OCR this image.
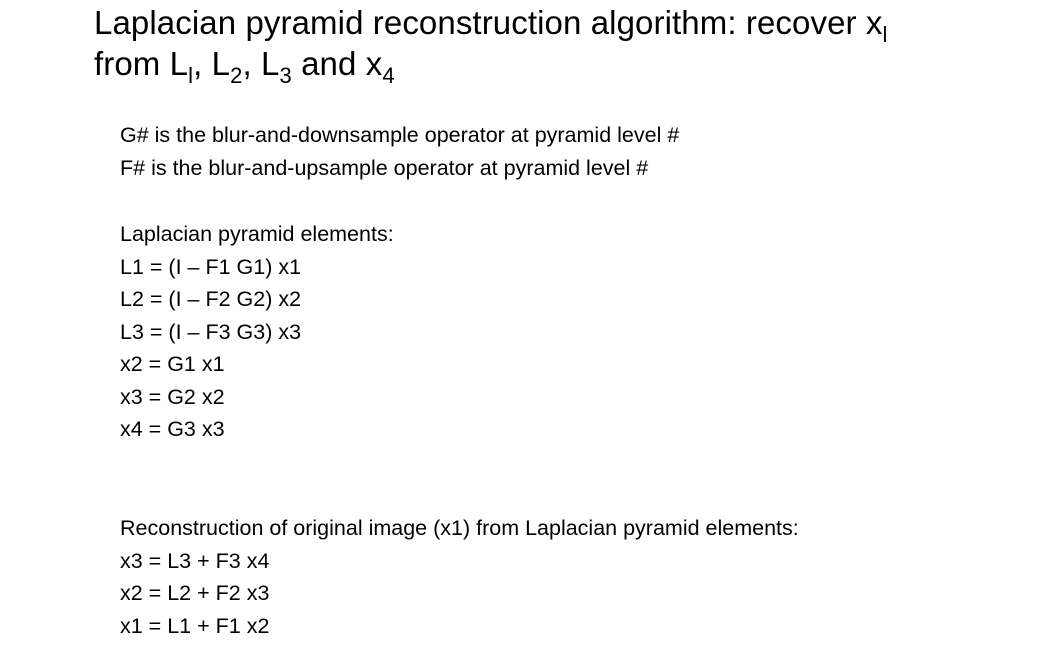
Laplacian pyramid reconstruction algorithm: recover $x_l$
from $L_l$, $L_2$, $L_3$ and $x_4$
G# is the blur-and-downsample operator at pyramid level #
F# is the blur-and-upsample operator at pyramid level #
Laplacian pyramid elements:
L1 = (I – F1 G1) x1
L2 = (I – F2 G2) x2
L3 = (I – F3 G3) x3
x2 = G1 x1
x3 = G2 x2
x4 = G3 x3
Reconstruction of original image (x1) from Laplacian pyramid elements:
x3 = L3 + F3 x4
x2 = L2 + F2 x3
x1 = L1 + F1 x2
